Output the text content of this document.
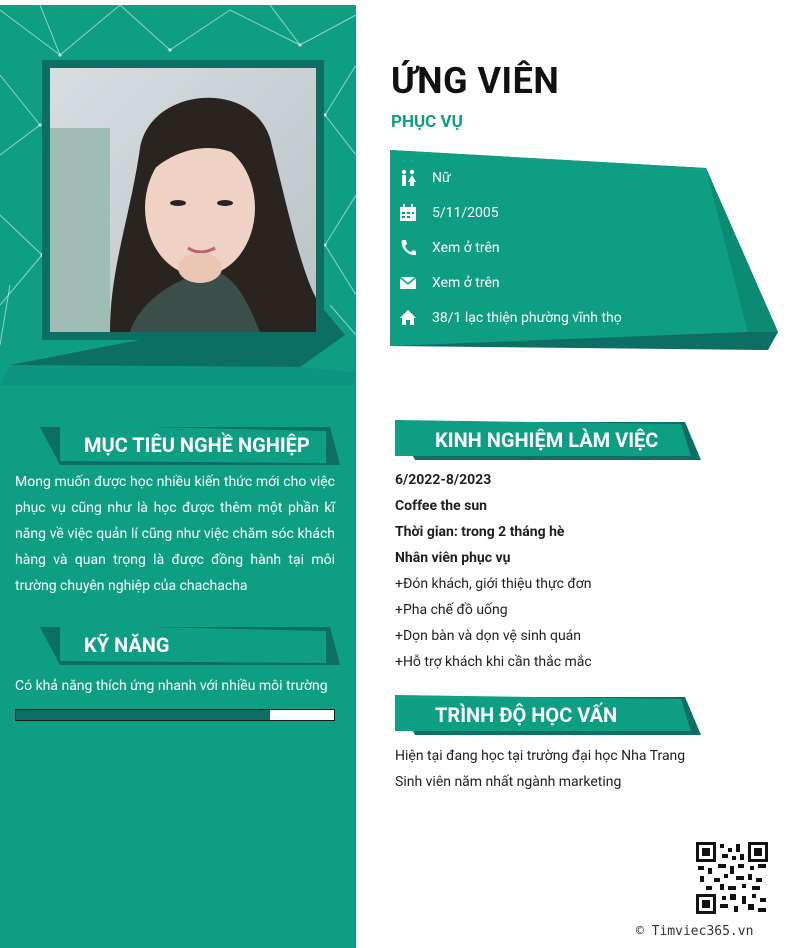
MỤC TIÊU NGHỀ NGHIỆP
Mong muốn được học nhiều kiến thức mới cho việc phục vụ cũng như là học được thêm một phần kĩ năng về việc quản lí cũng như việc chăm sóc khách hàng và quan trọng là được đồng hành tại môi trường chuyên nghiệp của chachacha
KỸ NĂNG
Có khả năng thích ứng nhanh với nhiều môi trường
ỨNG VIÊN
PHỤC VỤ
Nữ
5/11/2005
Xem ở trên
Xem ở trên
38/1 lạc thiện phường vĩnh thọ
KINH NGHIỆM LÀM VIỆC
6/2022-8/2023
Coffee the sun
Thời gian: trong 2 tháng hè
Nhân viên phục vụ
+Đón khách, giới thiệu thực đơn
+Pha chế đồ uống
+Dọn bàn và dọn vệ sinh quán
+Hỗ trợ khách khi cần thắc mắc
TRÌNH ĐỘ HỌC VẤN
Hiện tại đang học tại trường đại học Nha Trang
Sinh viên năm nhất ngành marketing
© Timviec365.vn
